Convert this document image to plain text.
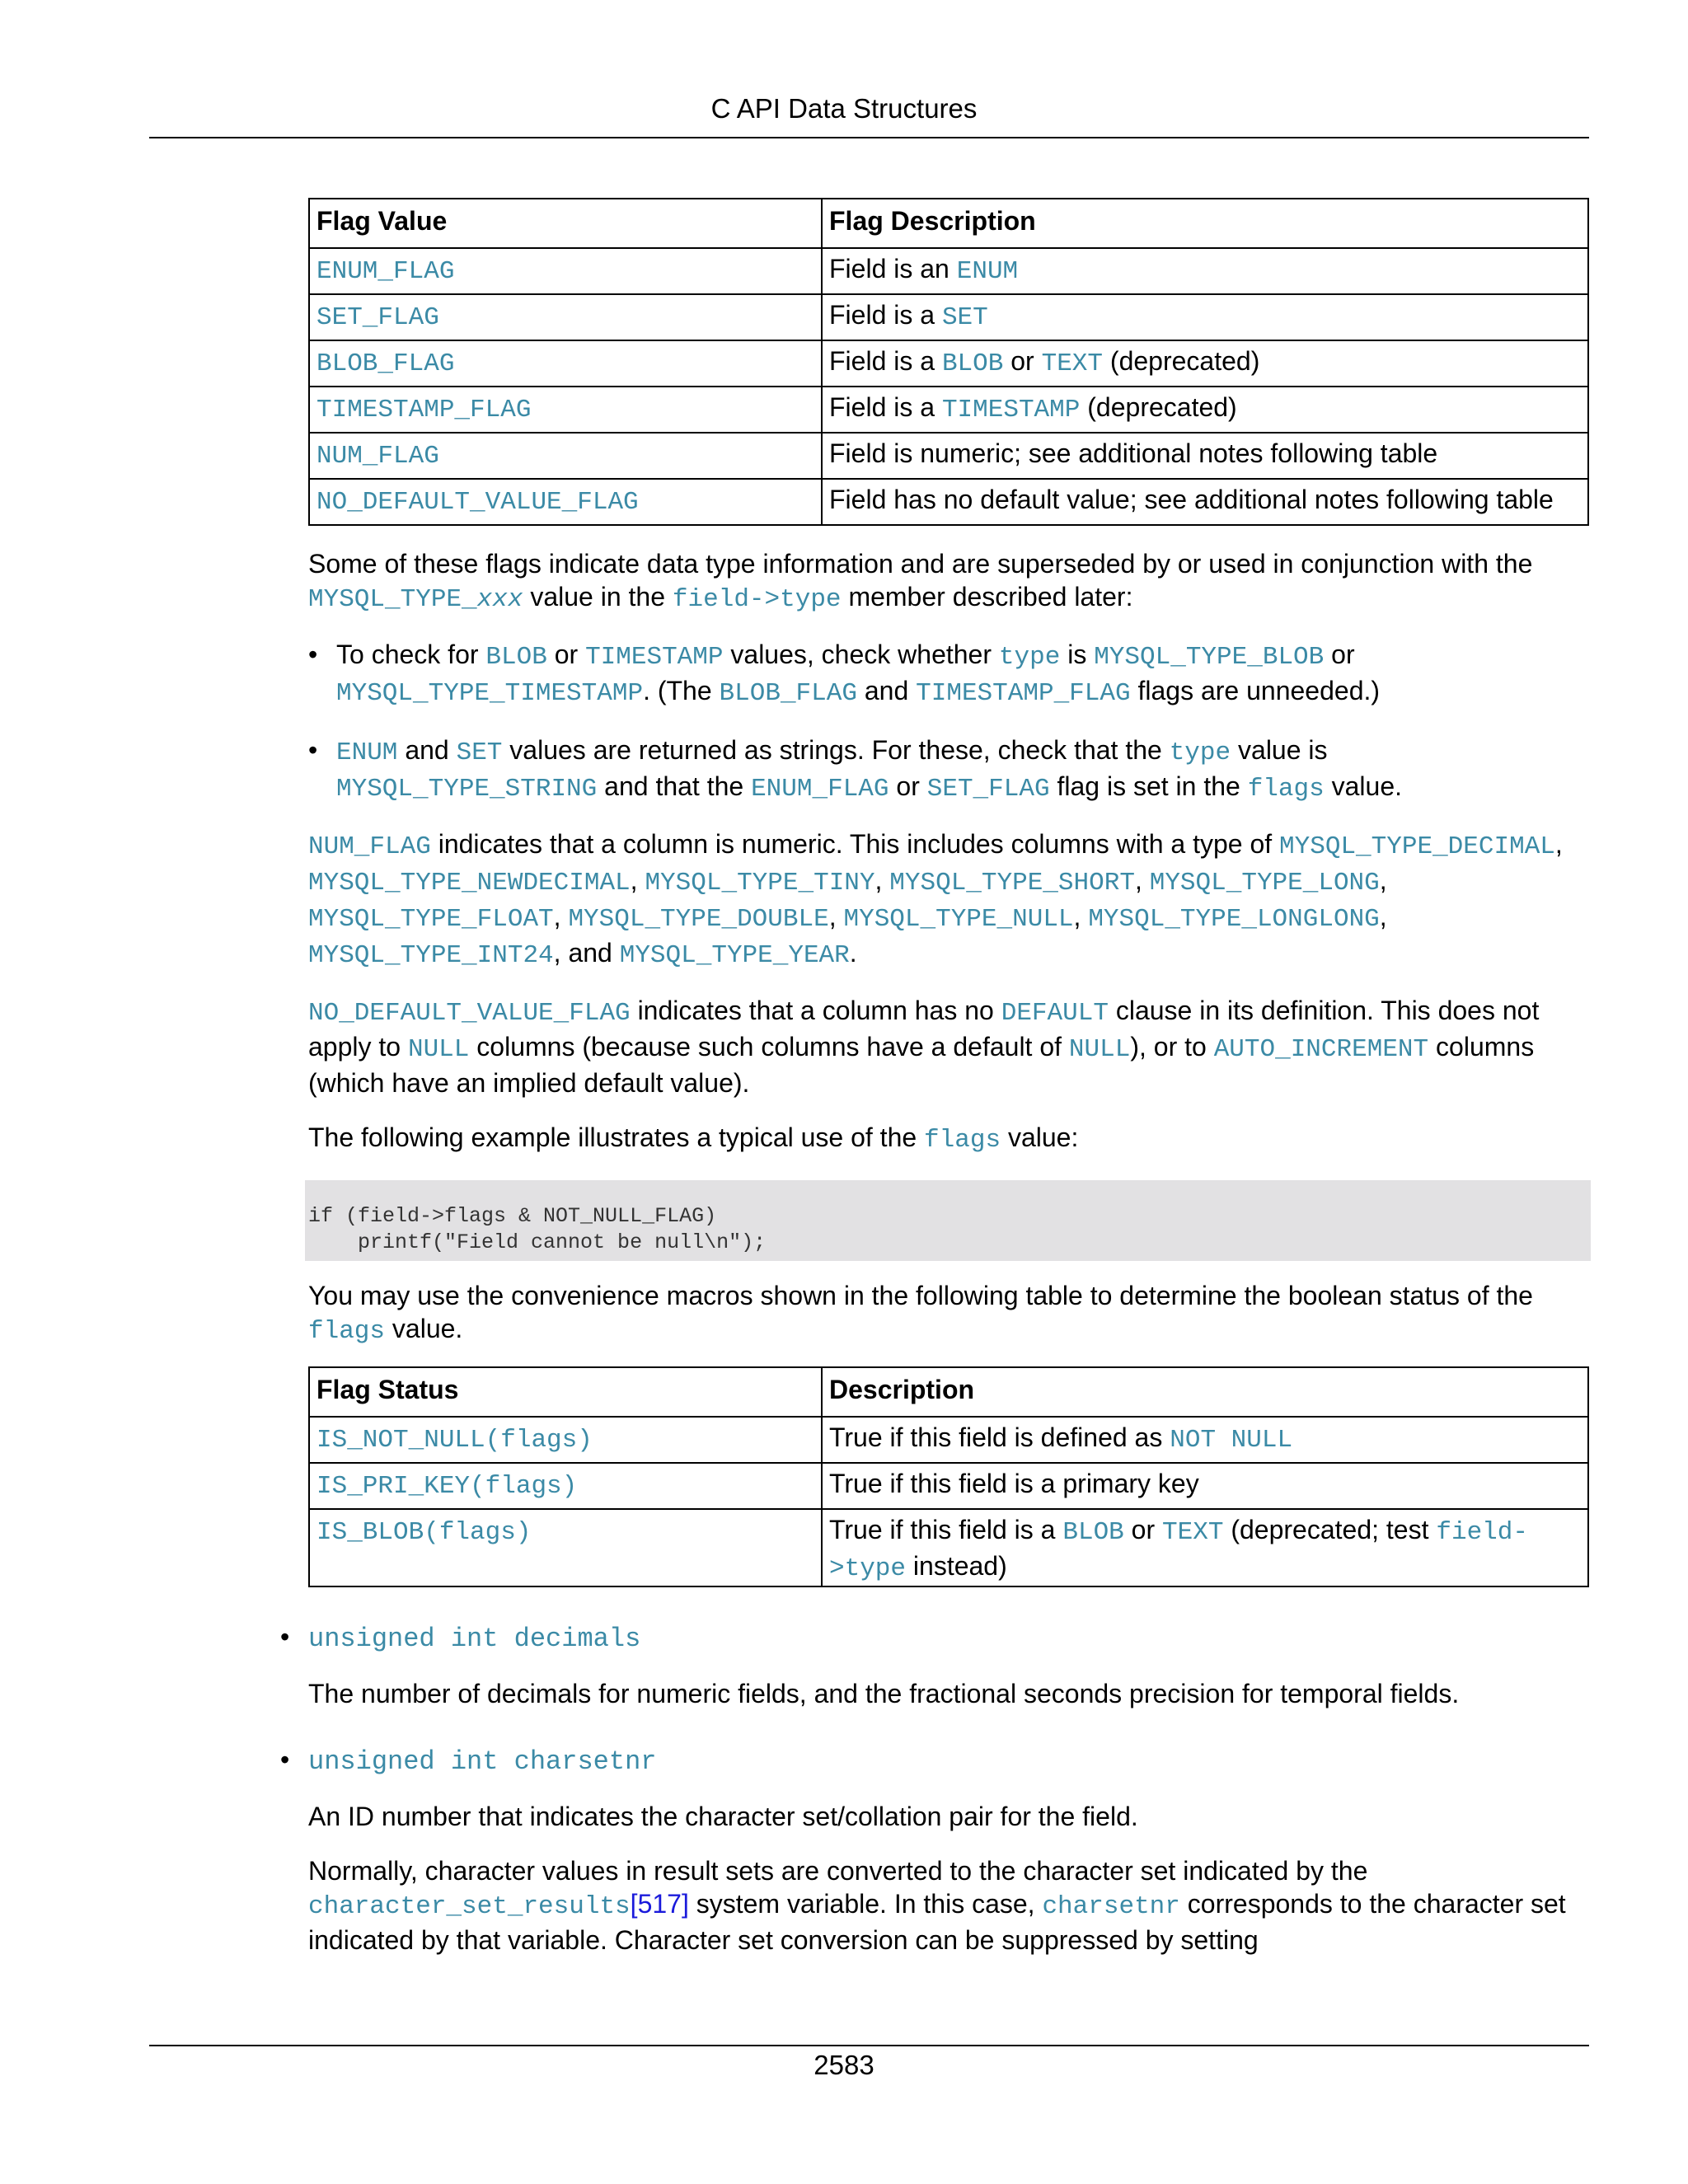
C API Data Structures
Flag Value	Flag Description
ENUM_FLAG	Field is an ENUM
SET_FLAG	Field is a SET
BLOB_FLAG	Field is a BLOB or TEXT (deprecated)
TIMESTAMP_FLAG	Field is a TIMESTAMP (deprecated)
NUM_FLAG	Field is numeric; see additional notes following table
NO_DEFAULT_VALUE_FLAG	Field has no default value; see additional notes following table

Some of these flags indicate data type information and are superseded by or used in conjunction with the MYSQL_TYPE_xxx value in the field->type member described later:

• To check for BLOB or TIMESTAMP values, check whether type is MYSQL_TYPE_BLOB or MYSQL_TYPE_TIMESTAMP. (The BLOB_FLAG and TIMESTAMP_FLAG flags are unneeded.)
• ENUM and SET values are returned as strings. For these, check that the type value is MYSQL_TYPE_STRING and that the ENUM_FLAG or SET_FLAG flag is set in the flags value.

NUM_FLAG indicates that a column is numeric. This includes columns with a type of MYSQL_TYPE_DECIMAL, MYSQL_TYPE_NEWDECIMAL, MYSQL_TYPE_TINY, MYSQL_TYPE_SHORT, MYSQL_TYPE_LONG, MYSQL_TYPE_FLOAT, MYSQL_TYPE_DOUBLE, MYSQL_TYPE_NULL, MYSQL_TYPE_LONGLONG, MYSQL_TYPE_INT24, and MYSQL_TYPE_YEAR.

NO_DEFAULT_VALUE_FLAG indicates that a column has no DEFAULT clause in its definition. This does not apply to NULL columns (because such columns have a default of NULL), or to AUTO_INCREMENT columns (which have an implied default value).

The following example illustrates a typical use of the flags value:

if (field->flags & NOT_NULL_FLAG)
printf("Field cannot be null\n");

You may use the convenience macros shown in the following table to determine the boolean status of the flags value.

Flag Status	Description
IS_NOT_NULL(flags)	True if this field is defined as NOT NULL
IS_PRI_KEY(flags)	True if this field is a primary key
IS_BLOB(flags)	True if this field is a BLOB or TEXT (deprecated; test field->type instead)
• unsigned int decimals

The number of decimals for numeric fields, and the fractional seconds precision for temporal fields.

• unsigned int charsetnr

An ID number that indicates the character set/collation pair for the field.

Normally, character values in result sets are converted to the character set indicated by the character_set_results[517] system variable. In this case, charsetnr corresponds to the character set indicated by that variable. Character set conversion can be suppressed by setting

2583
